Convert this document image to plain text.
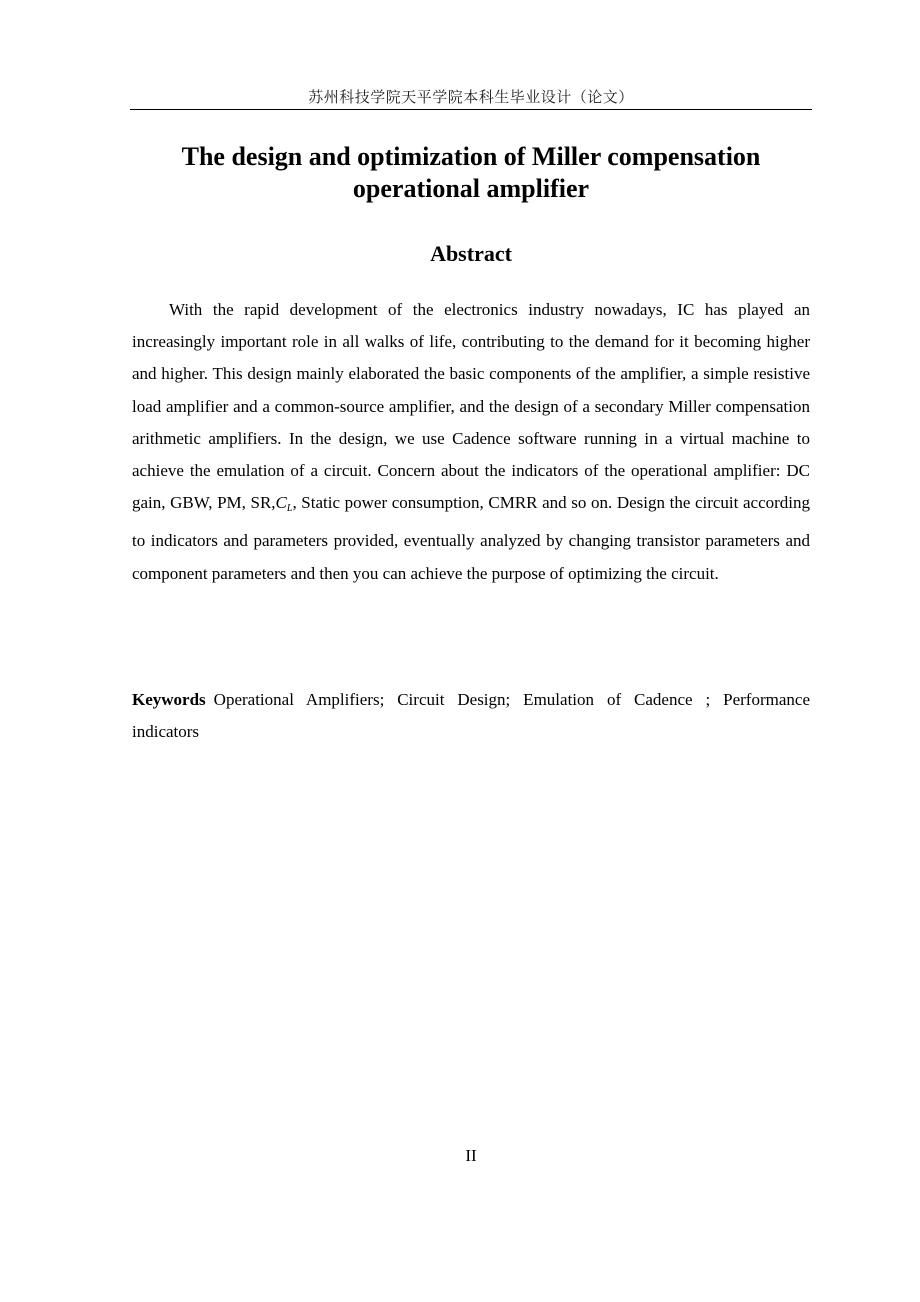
苏州科技学院天平学院本科生毕业设计（论文）
The design and optimization of Miller compensation
operational amplifier
Abstract

With the rapid development of the electronics industry nowadays, IC has played an increasingly important role in all walks of life, contributing to the demand for it becoming higher and higher. This design mainly elaborated the basic components of the amplifier, a simple resistive load amplifier and a common-source amplifier, and the design of a secondary Miller compensation arithmetic amplifiers. In the design, we use Cadence software running in a virtual machine to achieve the emulation of a circuit. Concern about the indicators of the operational amplifier: DC gain, GBW, PM, $SR,C_L$, Static power consumption, CMRR and so on. Design the circuit according to indicators and parameters provided, eventually analyzed by changing transistor parameters and component parameters and then you can achieve the purpose of optimizing the circuit.

Keywords Operational Amplifiers; Circuit Design; Emulation of Cadence ; Performance indicators

II
